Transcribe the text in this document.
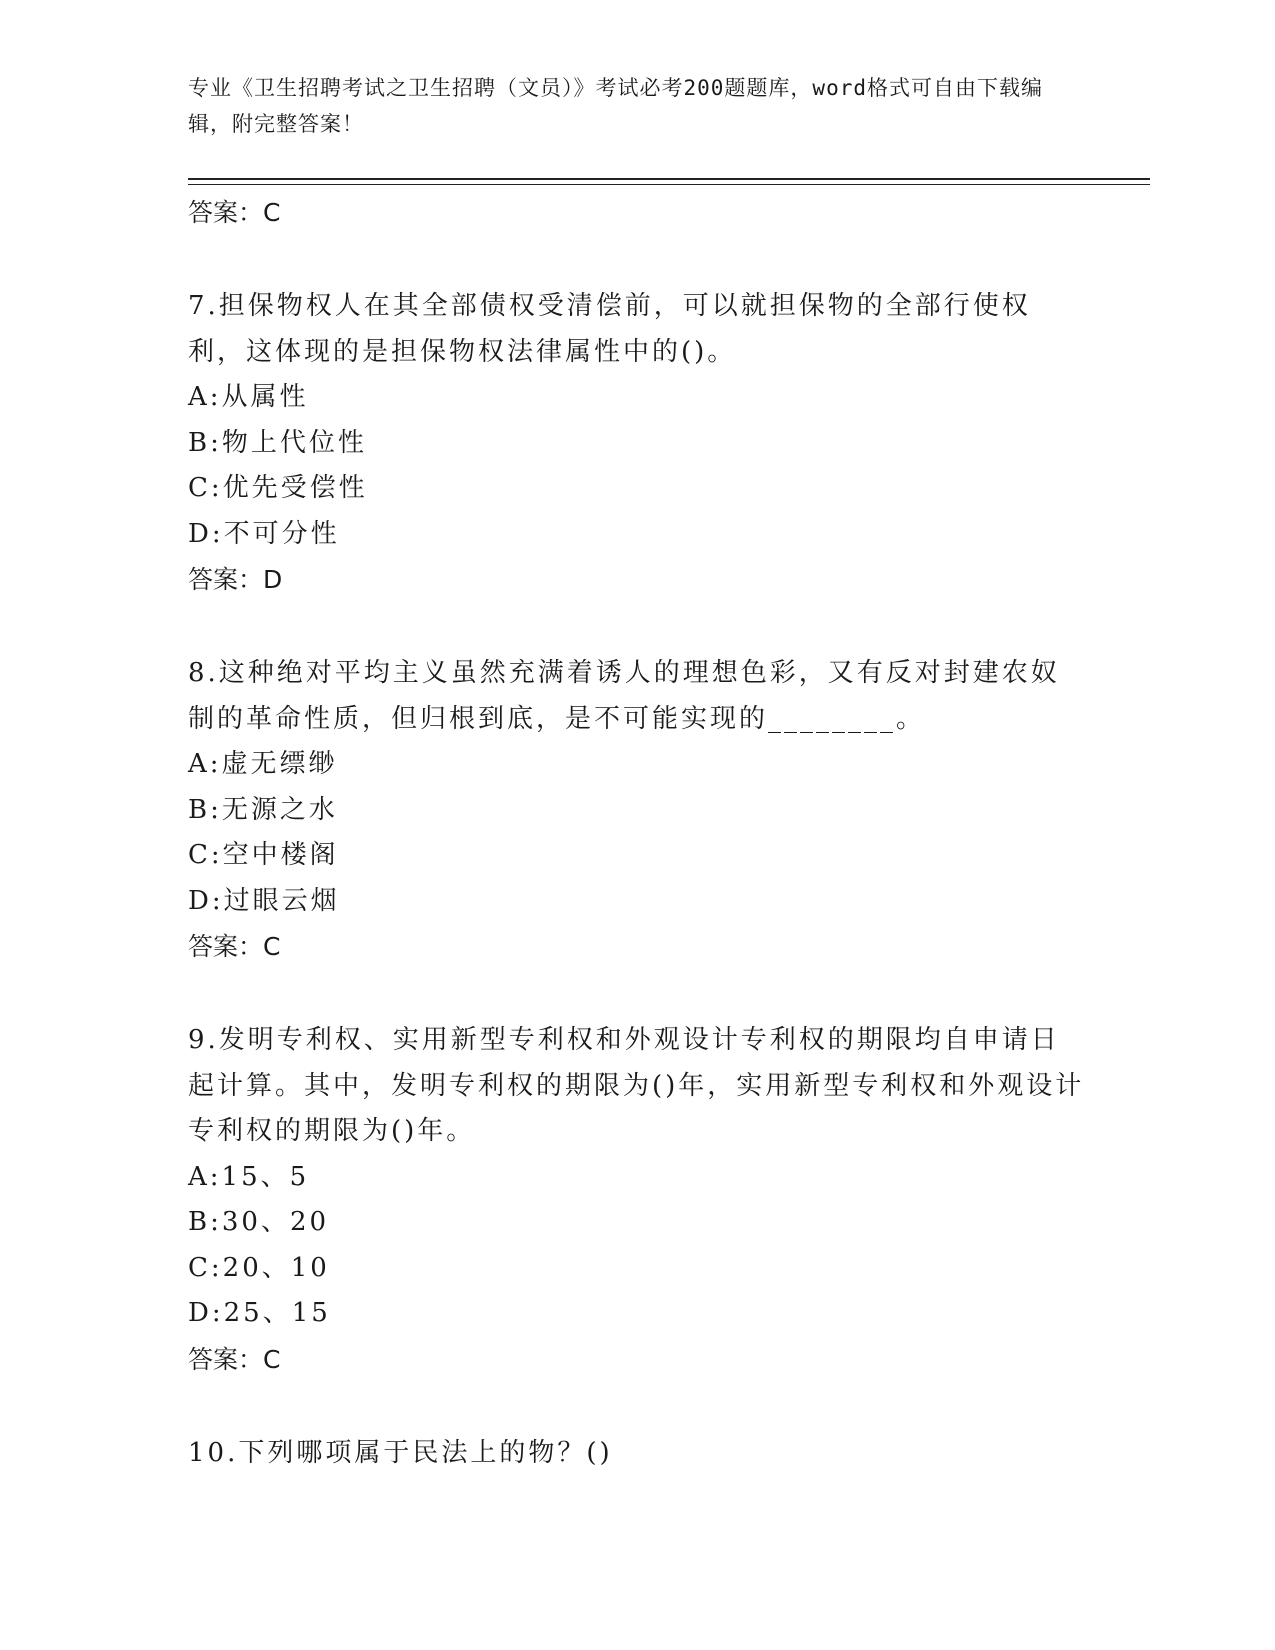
专业《卫生招聘考试之卫生招聘（文员）》考试必考200题题库，word格式可自由下载编辑，附完整答案！
答案：C
7.担保物权人在其全部债权受清偿前，可以就担保物的全部行使权利，这体现的是担保物权法律属性中的()。
A:从属性
B:物上代位性
C:优先受偿性
D:不可分性
答案：D
8.这种绝对平均主义虽然充满着诱人的理想色彩，又有反对封建农奴制的革命性质，但归根到底，是不可能实现的________。
A:虚无缥缈
B:无源之水
C:空中楼阁
D:过眼云烟
答案：C
9.发明专利权、实用新型专利权和外观设计专利权的期限均自申请日起计算。其中，发明专利权的期限为()年，实用新型专利权和外观设计专利权的期限为()年。
A:15、5
B:30、20
C:20、10
D:25、15
答案：C
10.下列哪项属于民法上的物？()
